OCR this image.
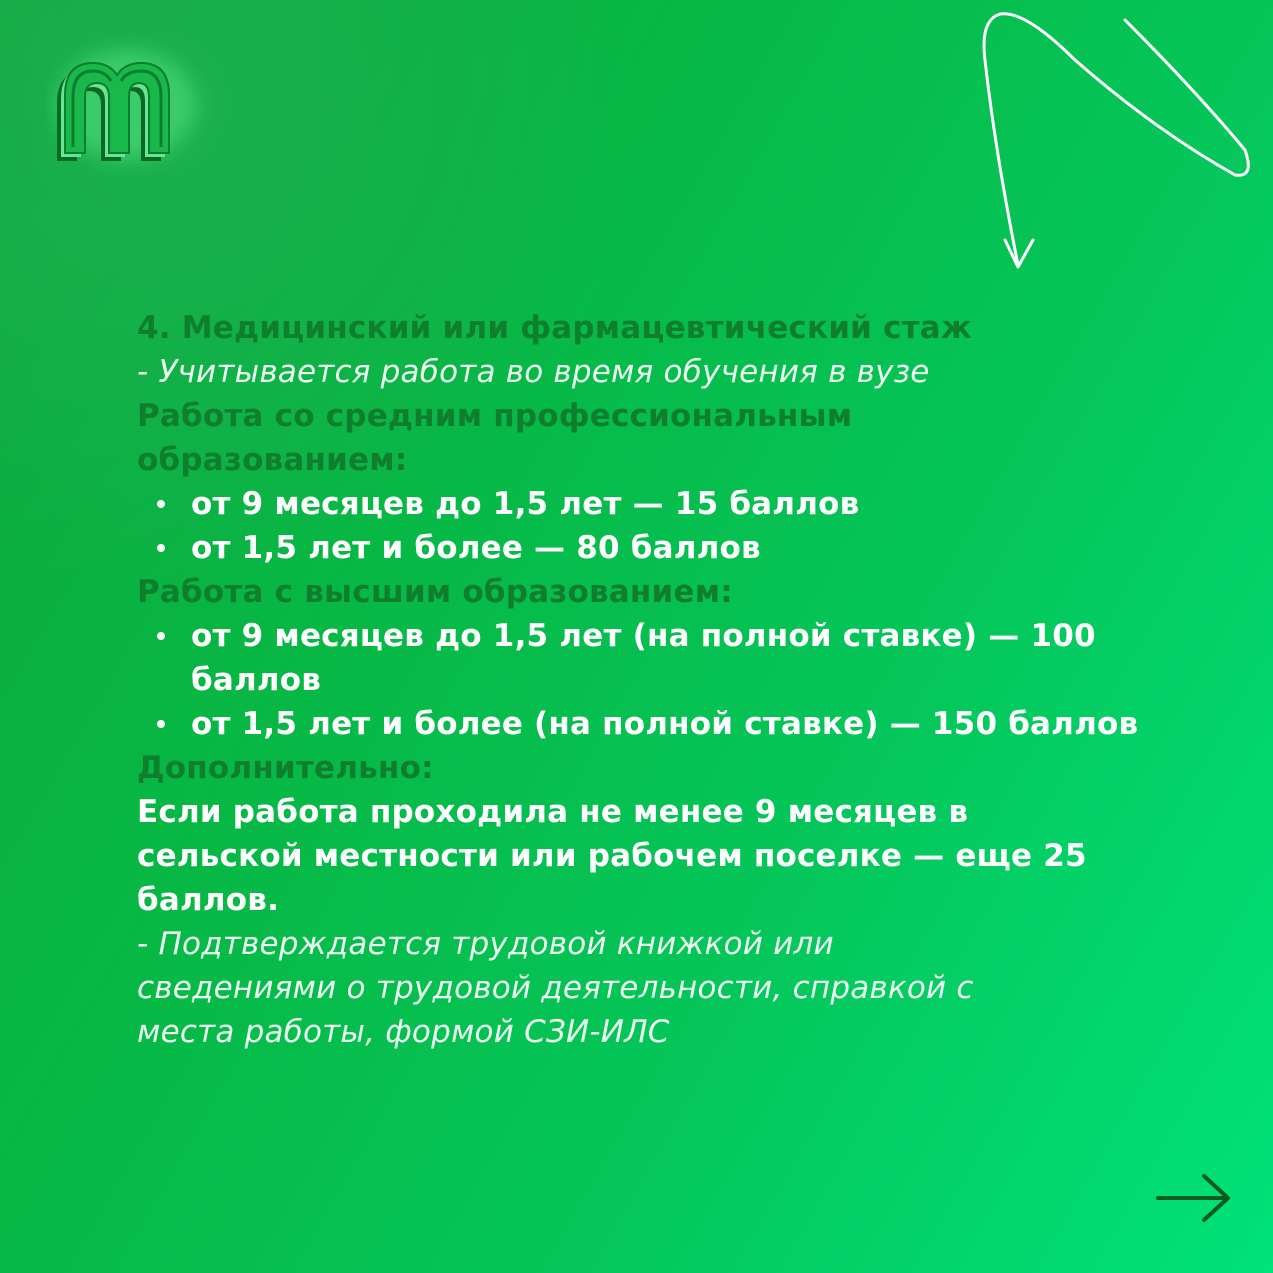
4. Медицинский или фармацевтический стаж
- Учитывается работа во время обучения в вузе
Работа со средним профессиональным
образованием:
от 9 месяцев до 1,5 лет — 15 баллов
от 1,5 лет и более — 80 баллов
Работа с высшим образованием:
от 9 месяцев до 1,5 лет (на полной ставке) — 100 баллов
от 1,5 лет и более (на полной ставке) — 150 баллов
Дополнительно:
Если работа проходила не менее 9 месяцев в
сельской местности или рабочем поселке — еще 25
баллов.
- Подтверждается трудовой книжкой или
сведениями о трудовой деятельности, справкой с
места работы, формой СЗИ-ИЛС
